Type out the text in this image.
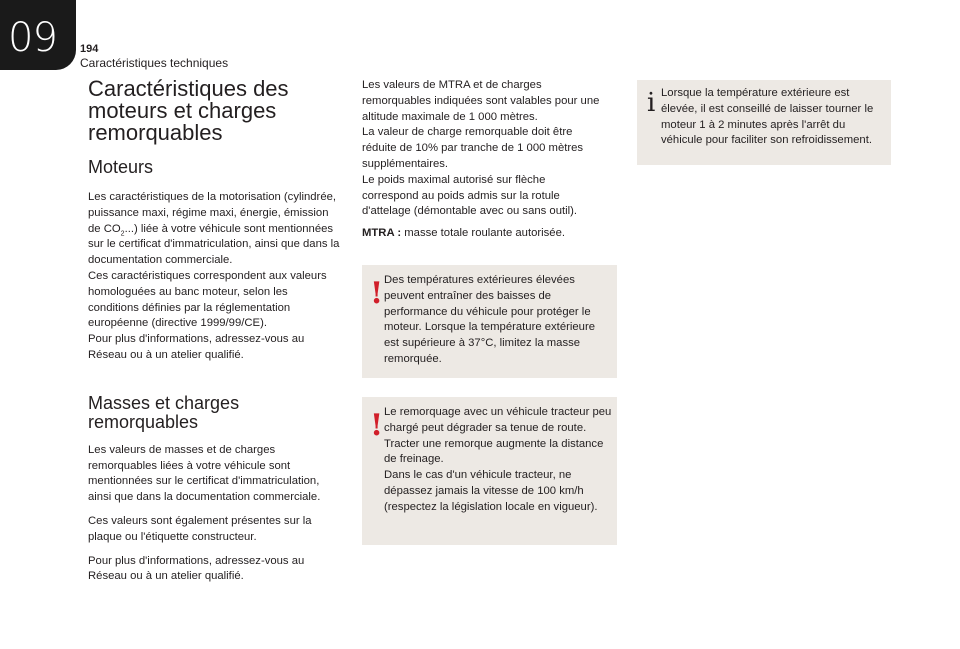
09 194
Caractéristiques techniques
Caractéristiques des moteurs et charges remorquables
Moteurs

Les caractéristiques de la motorisation (cylindrée, puissance maxi, régime maxi, énergie, émission de $CO_2$...) liée à votre véhicule sont mentionnées sur le certificat d'immatriculation, ainsi que dans la documentation commerciale.

Ces caractéristiques correspondent aux valeurs homologuées au banc moteur, selon les conditions définies par la réglementation européenne (directive 1999/99/CE).

Pour plus d'informations, adressez-vous au Réseau ou à un atelier qualifié.

Masses et charges remorquables

Les valeurs de masses et de charges remorquables liées à votre véhicule sont mentionnées sur le certificat d'immatriculation, ainsi que dans la documentation commerciale.

Ces valeurs sont également présentes sur la plaque ou l'étiquette constructeur.

Pour plus d'informations, adressez-vous au Réseau ou à un atelier qualifié.

Les valeurs de MTRA et de charges remorquables indiquées sont valables pour une altitude maximale de 1 000 mètres.

La valeur de charge remorquable doit être réduite de 10% par tranche de 1 000 mètres supplémentaires.

Le poids maximal autorisé sur flèche correspond au poids admis sur la rotule d'attelage (démontable avec ou sans outil).

MTRA : masse totale roulante autorisée.

! Des températures extérieures élevées peuvent entraîner des baisses de performance du véhicule pour protéger le moteur. Lorsque la température extérieure est supérieure à 37°C, limitez la masse remorquée.

! Le remorquage avec un véhicule tracteur peu chargé peut dégrader sa tenue de route.

Tracter une remorque augmente la distance de freinage.

Dans le cas d'un véhicule tracteur, ne dépassez jamais la vitesse de 100 km/h (respectez la législation locale en vigueur).

i Lorsque la température extérieure est élevée, il est conseillé de laisser tourner le moteur 1 à 2 minutes après l'arrêt du véhicule pour faciliter son refroidissement.
